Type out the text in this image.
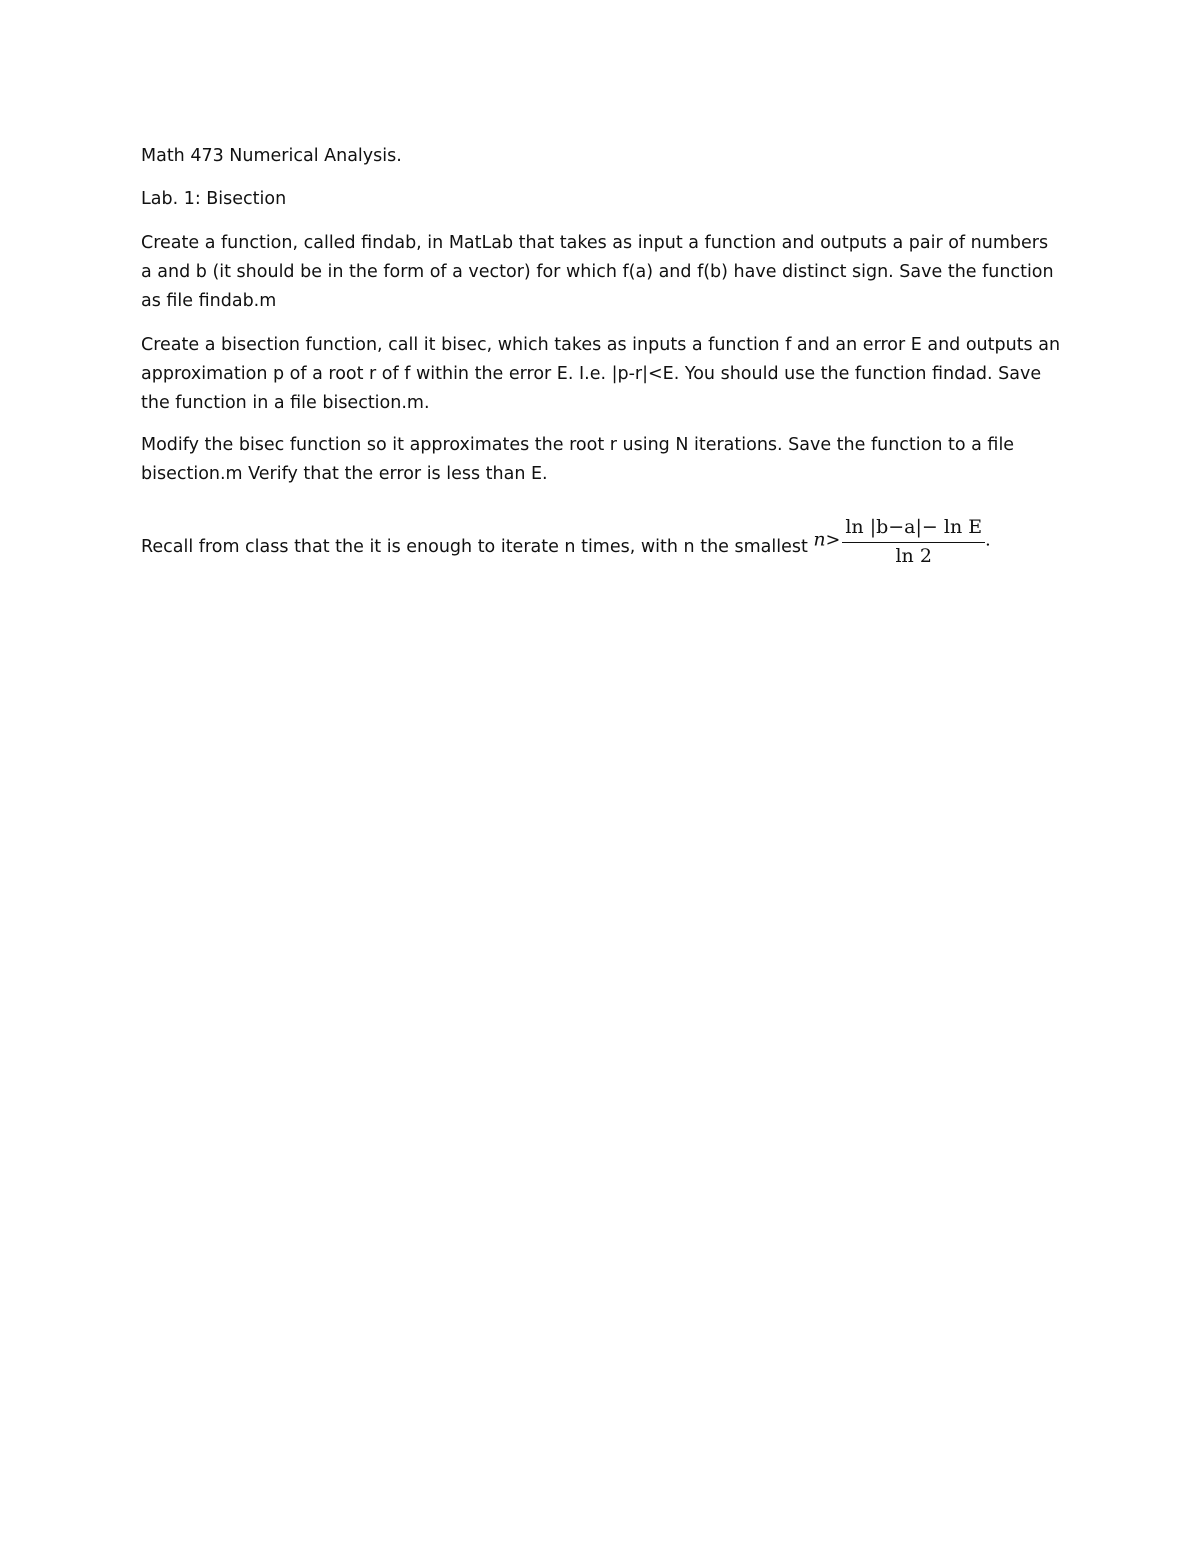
Math 473 Numerical Analysis.

Lab. 1: Bisection

Create a function, called findab, in MatLab that takes as input a function and outputs a pair of numbers a and b (it should be in the form of a vector) for which f(a) and f(b) have distinct sign. Save the function as file findab.m

Create a bisection function, call it bisec, which takes as inputs a function f and an error E and outputs an approximation p of a root r of f within the error E. I.e. |p-r|<E. You should use the function findad. Save the function in a file bisection.m.

Modify the bisec function so it approximates the root r using N iterations. Save the function to a file bisection.m Verify that the error is less than E.

Recall from class that the it is enough to iterate n times, with n the smallest $n> \frac{\text{ln |b−a|− ln E}}{\ln 2}$ .
